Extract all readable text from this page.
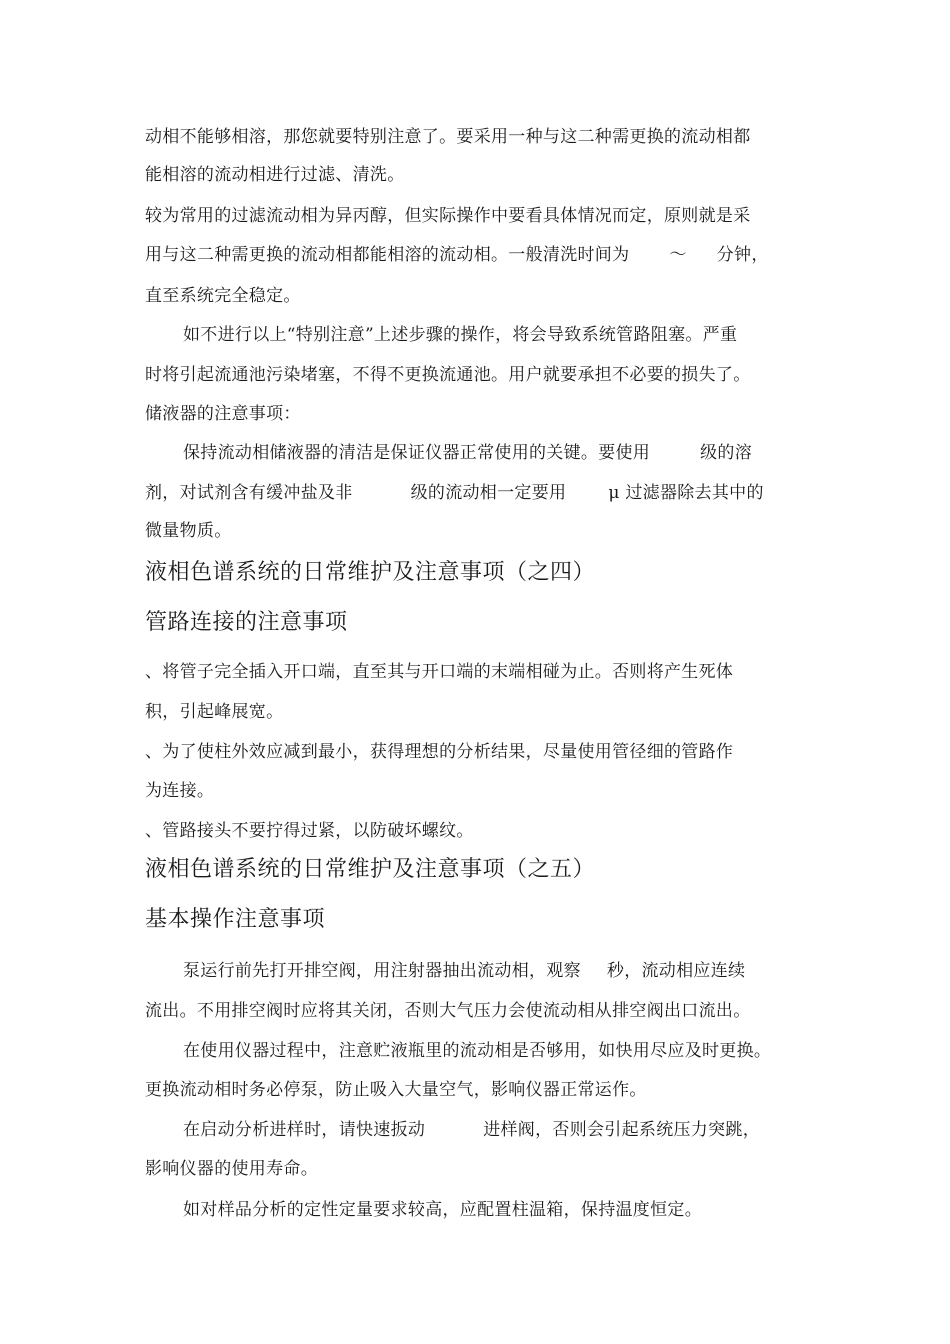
动相不能够相溶，那您就要特别注意了。要采用一种与这二种需更换的流动相都
能相溶的流动相进行过滤、清洗。
较为常用的过滤流动相为异丙醇，但实际操作中要看具体情况而定，原则就是采
用与这二种需更换的流动相都能相溶的流动相。一般清洗时间为 ～ 分钟，
直至系统完全稳定。
如不进行以上“特别注意”上述步骤的操作，将会导致系统管路阻塞。严重
时将引起流通池污染堵塞，不得不更换流通池。用户就要承担不必要的损失了。
储液器的注意事项：
保持流动相储液器的清洁是保证仪器正常使用的关键。要使用	级的溶
剂，对试剂含有缓冲盐及非	级的流动相一定要用 μ 过滤器除去其中的
微量物质。
液相色谱系统的日常维护及注意事项（之四）
管路连接的注意事项
、将管子完全插入开口端，直至其与开口端的末端相碰为止。否则将产生死体
积，引起峰展宽。
、为了使柱外效应减到最小，获得理想的分析结果，尽量使用管径细的管路作
为连接。
、管路接头不要拧得过紧，以防破坏螺纹。
液相色谱系统的日常维护及注意事项（之五）
基本操作注意事项
泵运行前先打开排空阀，用注射器抽出流动相，观察 秒，流动相应连续
流出。不用排空阀时应将其关闭，否则大气压力会使流动相从排空阀出口流出。
在使用仪器过程中，注意贮液瓶里的流动相是否够用，如快用尽应及时更换。
更换流动相时务必停泵，防止吸入大量空气，影响仪器正常运作。
在启动分析进样时，请快速扳动	进样阀，否则会引起系统压力突跳，
影响仪器的使用寿命。
如对样品分析的定性定量要求较高，应配置柱温箱，保持温度恒定。
